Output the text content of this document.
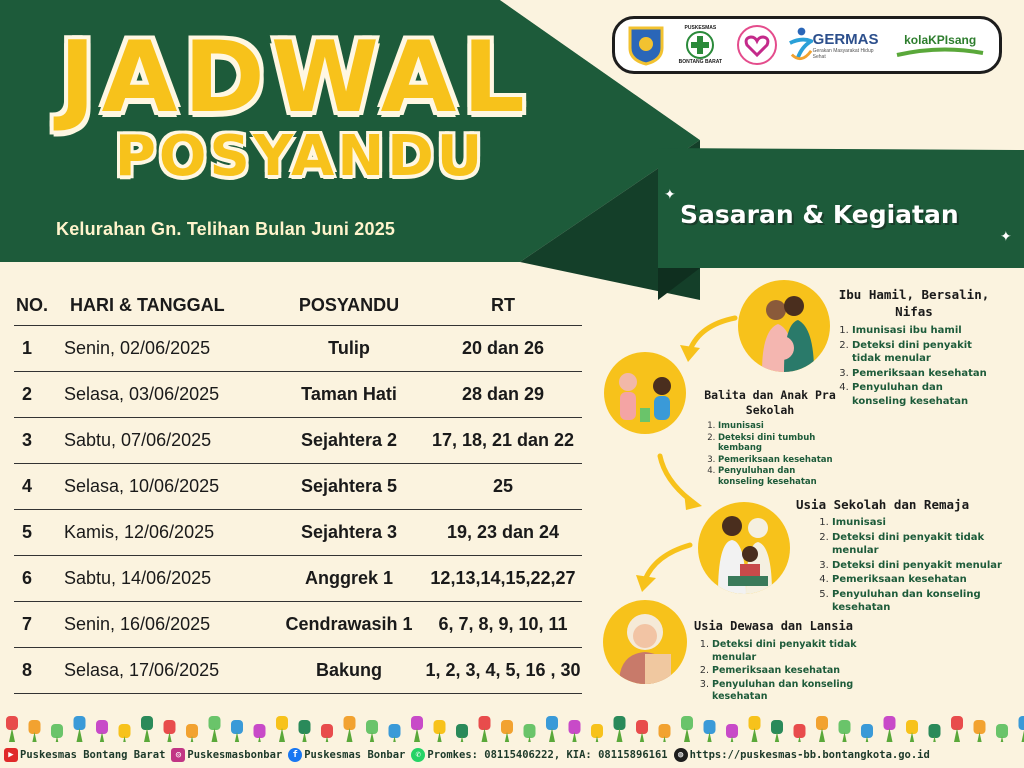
JADWAL
POSYANDU
Kelurahan Gn. Telihan Bulan Juni 2025
PUSKESMAS
BONTANG BARAT
GERMAS
Gerakan Masyarakat Hidup Sehat
kolaKPIsang
✦
✦
Sasaran & Kegiatan
NO.	HARI & TANGGAL	POSYANDU	RT
1	Senin, 02/06/2025	Tulip	20 dan 26
2	Selasa, 03/06/2025	Taman Hati	28 dan 29
3	Sabtu, 07/06/2025	Sejahtera 2	17, 18, 21 dan 22
4	Selasa, 10/06/2025	Sejahtera 5	25
5	Kamis, 12/06/2025	Sejahtera 3	19, 23 dan 24
6	Sabtu, 14/06/2025	Anggrek 1	12,13,14,15,22,27
7	Senin, 16/06/2025	Cendrawasih 1	6, 7, 8, 9, 10, 11
8	Selasa, 17/06/2025	Bakung	1, 2, 3, 4, 5, 16 , 30
Ibu Hamil, Bersalin, Nifas
1. Imunisasi ibu hamil
2. Deteksi dini penyakit tidak menular
3. Pemeriksaan kesehatan
4. Penyuluhan dan konseling kesehatan
Balita dan Anak Pra Sekolah
1. Imunisasi
2. Deteksi dini tumbuh kembang
3. Pemeriksaan kesehatan
4. Penyuluhan dan konseling kesehatan
Usia Sekolah dan Remaja
1. Imunisasi
2. Deteksi dini penyakit tidak menular
3. Deteksi dini penyakit menular
4. Pemeriksaan kesehatan
5. Penyuluhan dan konseling kesehatan
Usia Dewasa dan Lansia
1. Deteksi dini penyakit tidak menular
2. Pemeriksaan kesehatan
3. Penyuluhan dan konseling kesehatan
▶ Puskesmas Bontang Barat	◎ Puskesmasbonbar	f Puskesmas Bonbar	✆ Promkes: 08115406222, KIA: 08115896161	◍ https://puskesmas-bb.bontangkota.go.id
